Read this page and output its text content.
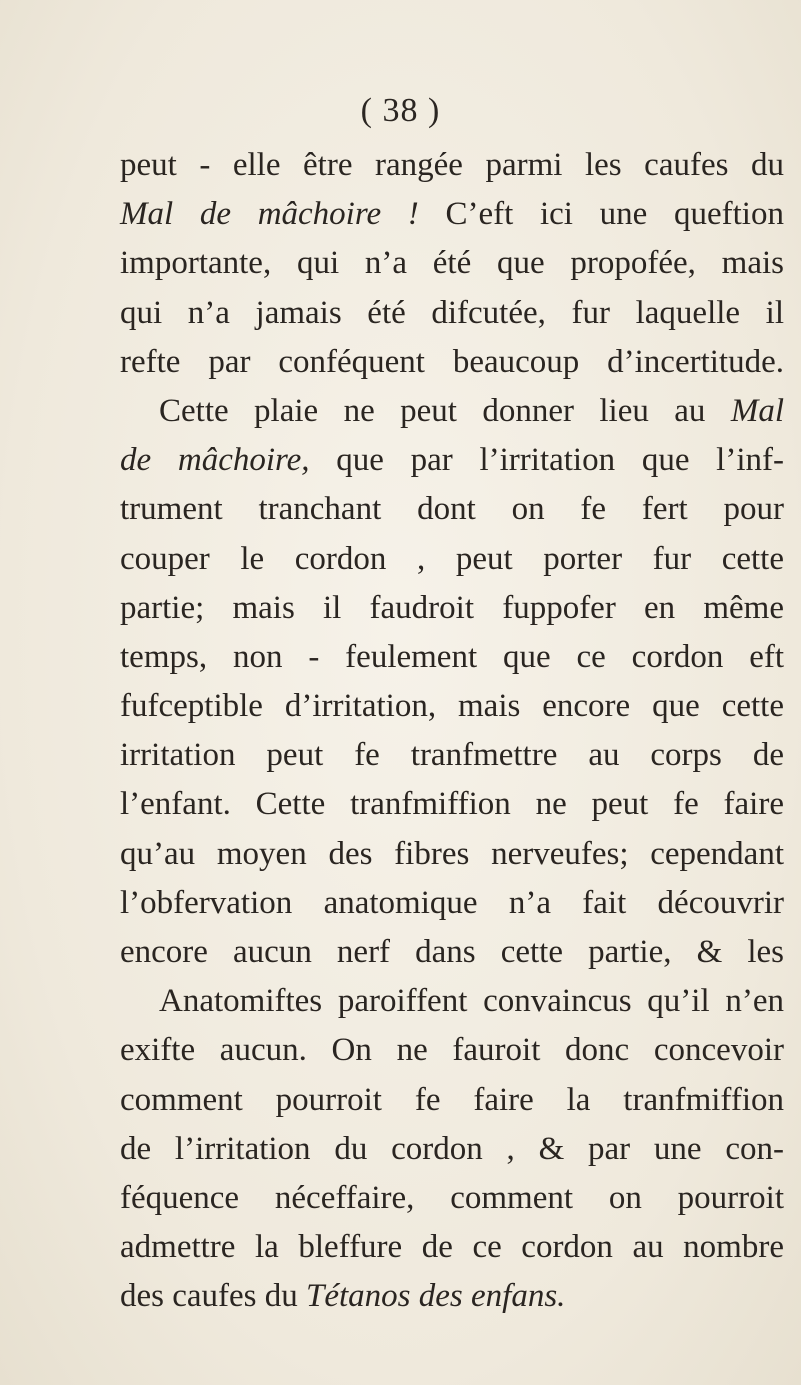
( 38 )
peut - elle être rangée parmi les caufes du
Mal de mâchoire ! C’eft ici une queftion
importante, qui n’a été que propofée, mais
qui n’a jamais été difcutée, fur laquelle il
refte par conféquent beaucoup d’incertitude.
Cette plaie ne peut donner lieu au Mal
de mâchoire, que par l’irritation que l’inf-
trument tranchant dont on fe fert pour
couper le cordon , peut porter fur cette
partie; mais il faudroit fuppofer en même
temps, non - feulement que ce cordon eft
fufceptible d’irritation, mais encore que cette
irritation peut fe tranfmettre au corps de
l’enfant. Cette tranfmiffion ne peut fe faire
qu’au moyen des fibres nerveufes; cependant
l’obfervation anatomique n’a fait découvrir
encore aucun nerf dans cette partie, & les
Anatomiftes paroiffent convaincus qu’il n’en
exifte aucun. On ne fauroit donc concevoir
comment pourroit fe faire la tranfmiffion
de l’irritation du cordon , & par une con-
féquence néceffaire, comment on pourroit
admettre la bleffure de ce cordon au nombre
des caufes du Tétanos des enfans.
